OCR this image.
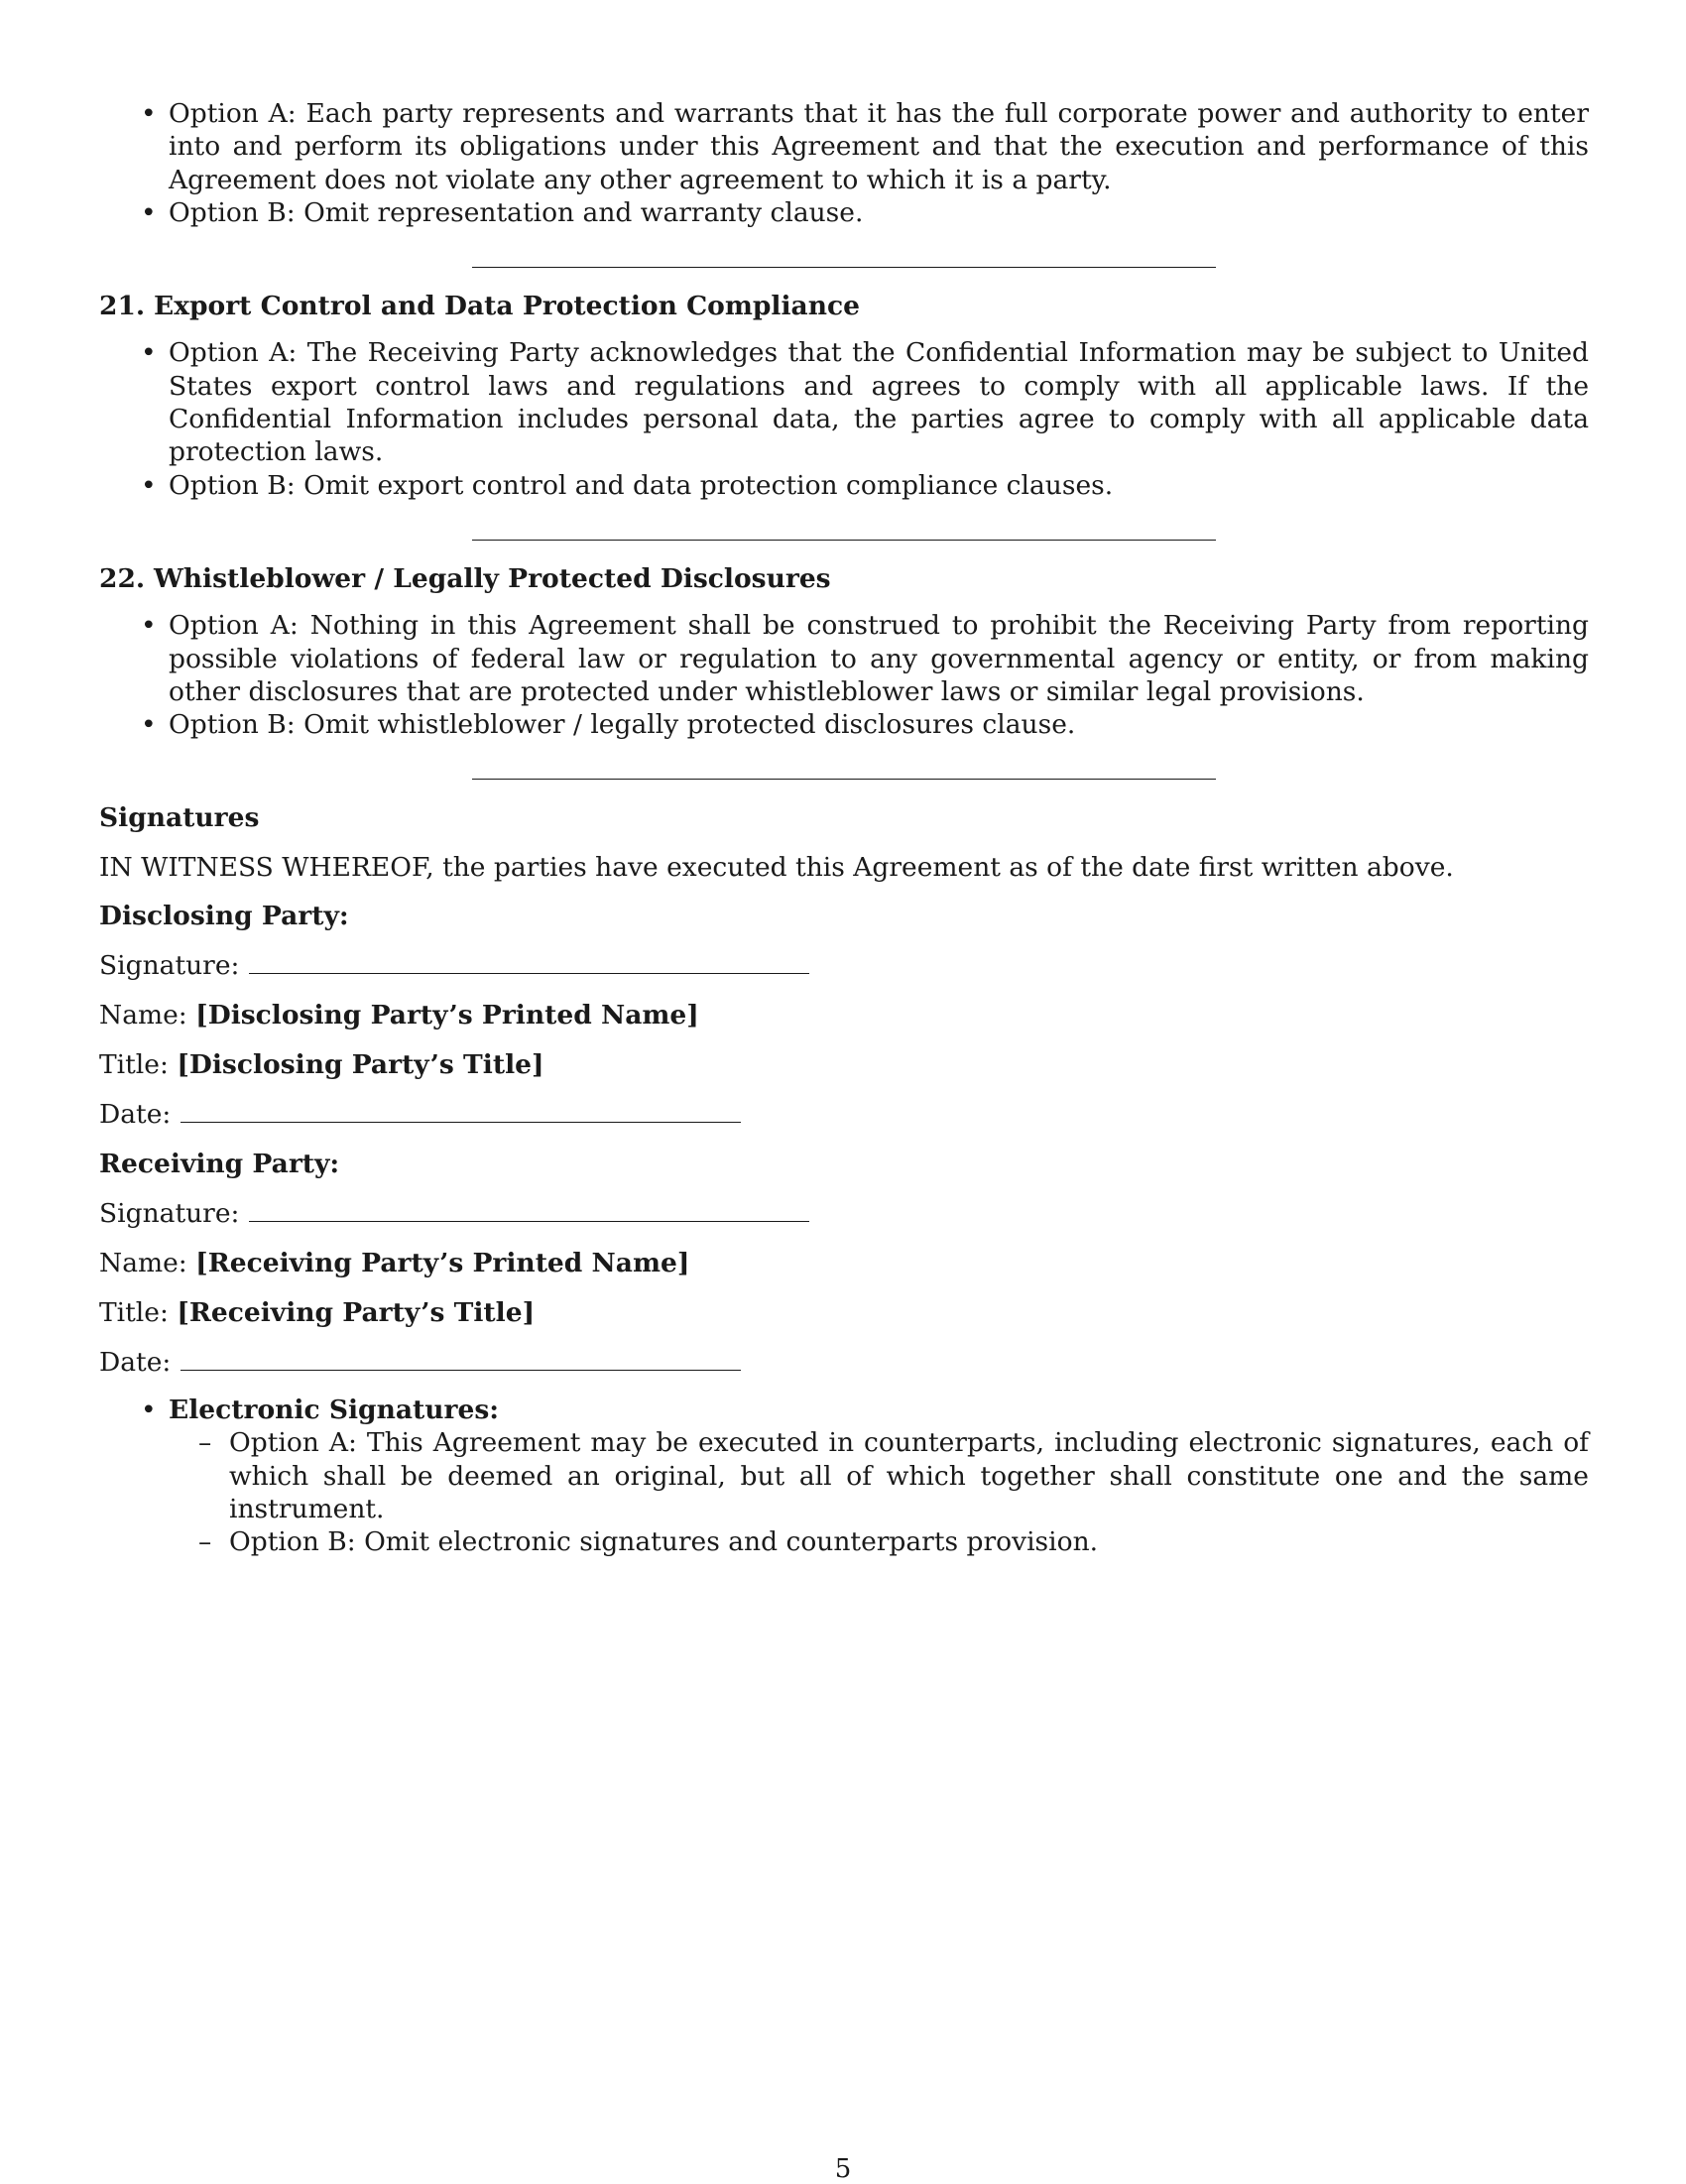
• Option A: Each party represents and warrants that it has the full corporate power and authority to enter into and perform its obligations under this Agreement and that the execution and performance of this Agreement does not violate any other agreement to which it is a party.
• Option B: Omit representation and warranty clause.
21. Export Control and Data Protection Compliance
• Option A: The Receiving Party acknowledges that the Confidential Information may be subject to United States export control laws and regulations and agrees to comply with all applicable laws. If the Confidential Information includes personal data, the parties agree to comply with all applicable data protection laws.
• Option B: Omit export control and data protection compliance clauses.
22. Whistleblower / Legally Protected Disclosures
• Option A: Nothing in this Agreement shall be construed to prohibit the Receiving Party from reporting possible violations of federal law or regulation to any governmental agency or entity, or from making other disclosures that are protected under whistleblower laws or similar legal provisions.
• Option B: Omit whistleblower / legally protected disclosures clause.
Signatures

IN WITNESS WHEREOF, the parties have executed this Agreement as of the date first written above.

Disclosing Party:
Signature:
Name: [Disclosing Party’s Printed Name]
Title: [Disclosing Party’s Title]
Date:
Receiving Party:
Signature:
Name: [Receiving Party’s Printed Name]
Title: [Receiving Party’s Title]
Date:
• Electronic Signatures:
– Option A: This Agreement may be executed in counterparts, including electronic signatures, each of which shall be deemed an original, but all of which together shall constitute one and the same instrument.
– Option B: Omit electronic signatures and counterparts provision.
5
